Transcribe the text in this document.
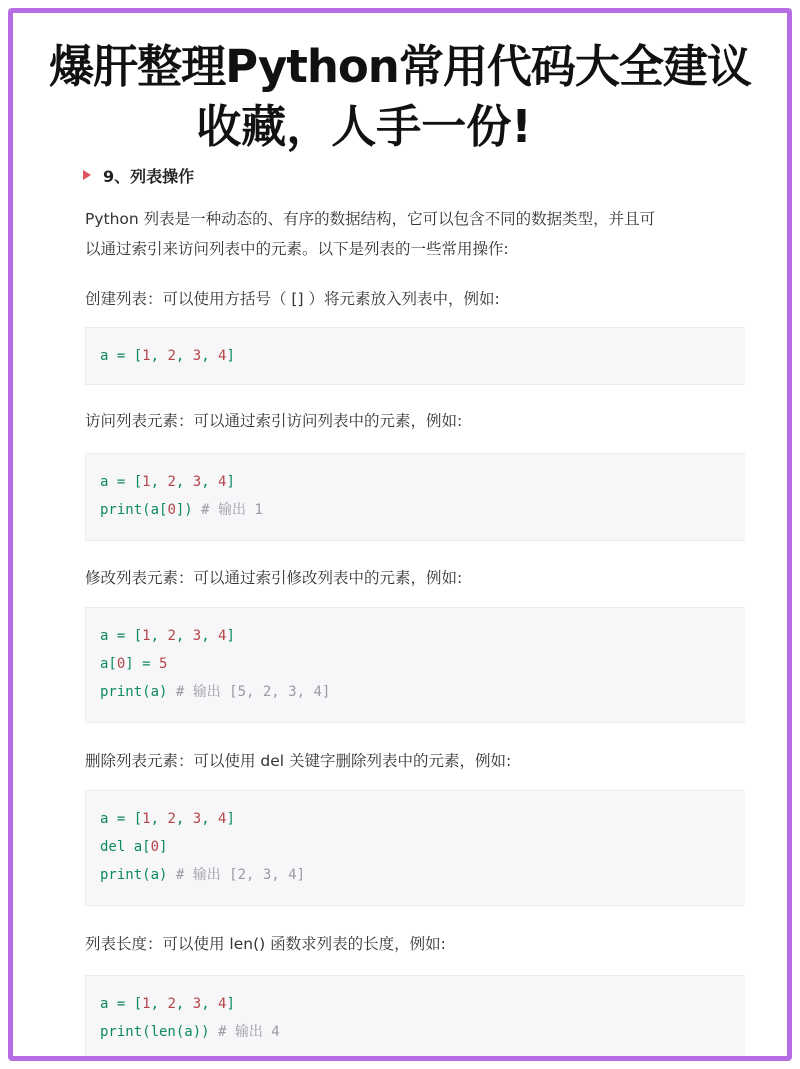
爆肝整理Python常用代码大全建议
收藏，人手一份!
9、列表操作
Python 列表是一种动态的、有序的数据结构，它可以包含不同的数据类型，并且可
以通过索引来访问列表中的元素。以下是列表的一些常用操作:
创建列表：可以使用方括号（ [] ）将元素放入列表中，例如:
a = [1, 2, 3, 4]
访问列表元素：可以通过索引访问列表中的元素，例如:
a = [1, 2, 3, 4]
print(a[0]) # 输出 1
修改列表元素：可以通过索引修改列表中的元素，例如:
a = [1, 2, 3, 4]
a[0] = 5
print(a) # 输出 [5, 2, 3, 4]
删除列表元素：可以使用 del 关键字删除列表中的元素，例如:
a = [1, 2, 3, 4]
del a[0]
print(a) # 输出 [2, 3, 4]
列表长度：可以使用 len() 函数求列表的长度，例如:
a = [1, 2, 3, 4]
print(len(a)) # 输出 4
